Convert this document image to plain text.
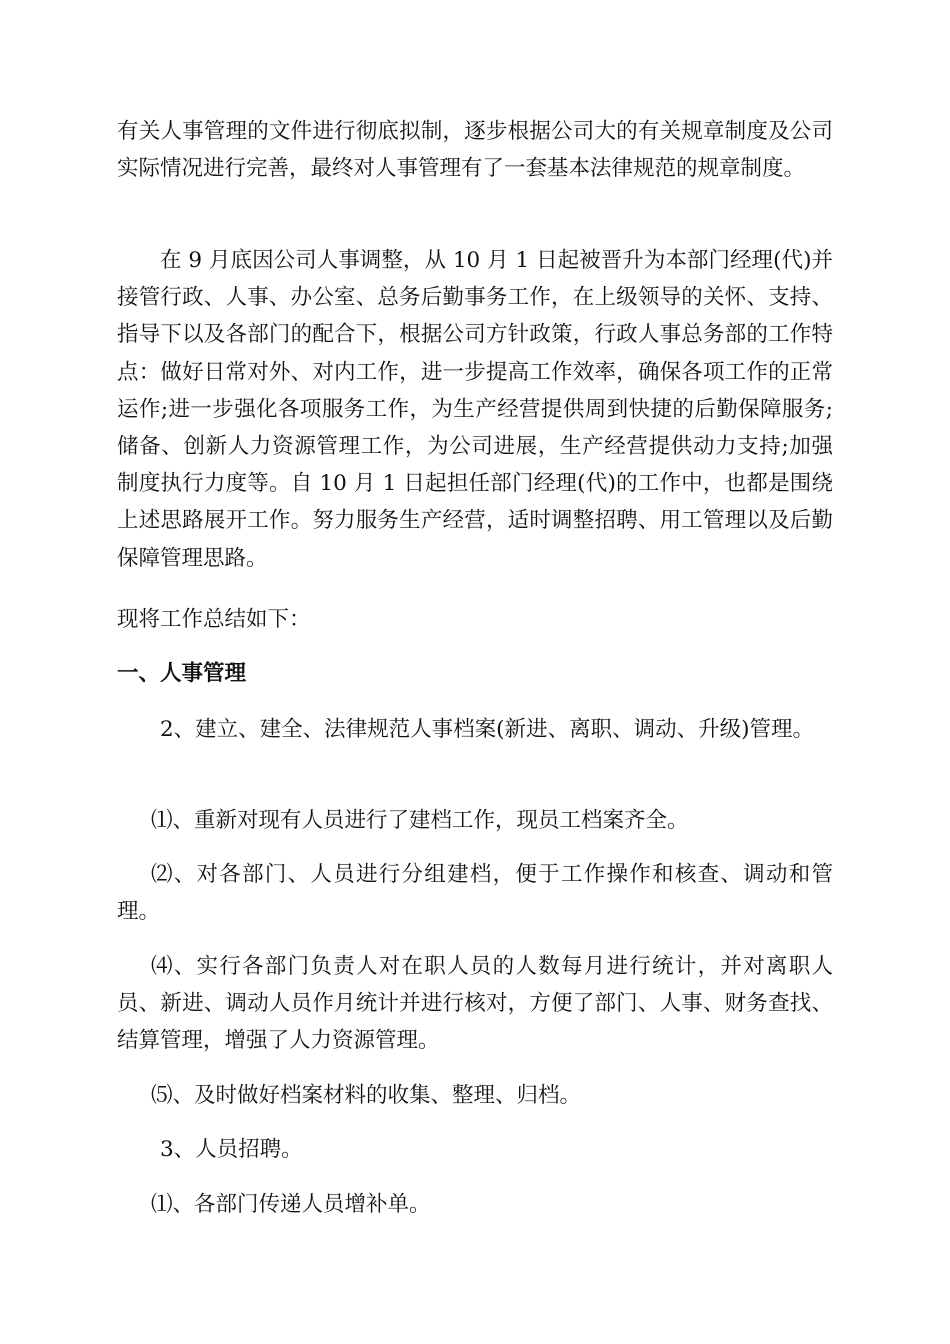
有关人事管理的文件进行彻底拟制，逐步根据公司大的有关规章制度及公司实际情况进行完善，最终对人事管理有了一套基本法律规范的规章制度。

在 9 月底因公司人事调整，从 10 月 1 日起被晋升为本部门经理(代)并接管行政、人事、办公室、总务后勤事务工作，在上级领导的关怀、支持、指导下以及各部门的配合下，根据公司方针政策，行政人事总务部的工作特点：做好日常对外、对内工作，进一步提高工作效率，确保各项工作的正常运作;进一步强化各项服务工作，为生产经营提供周到快捷的后勤保障服务;储备、创新人力资源管理工作，为公司进展，生产经营提供动力支持;加强制度执行力度等。自 10 月 1 日起担任部门经理(代)的工作中，也都是围绕上述思路展开工作。努力服务生产经营，适时调整招聘、用工管理以及后勤保障管理思路。

现将工作总结如下：

一、人事管理

2、建立、建全、法律规范人事档案(新进、离职、调动、升级)管理。

⑴、重新对现有人员进行了建档工作，现员工档案齐全。

⑵、对各部门、人员进行分组建档，便于工作操作和核查、调动和管理。

⑷、实行各部门负责人对在职人员的人数每月进行统计，并对离职人员、新进、调动人员作月统计并进行核对，方便了部门、人事、财务查找、结算管理，增强了人力资源管理。

⑸、及时做好档案材料的收集、整理、归档。

3、人员招聘。

⑴、各部门传递人员增补单。
